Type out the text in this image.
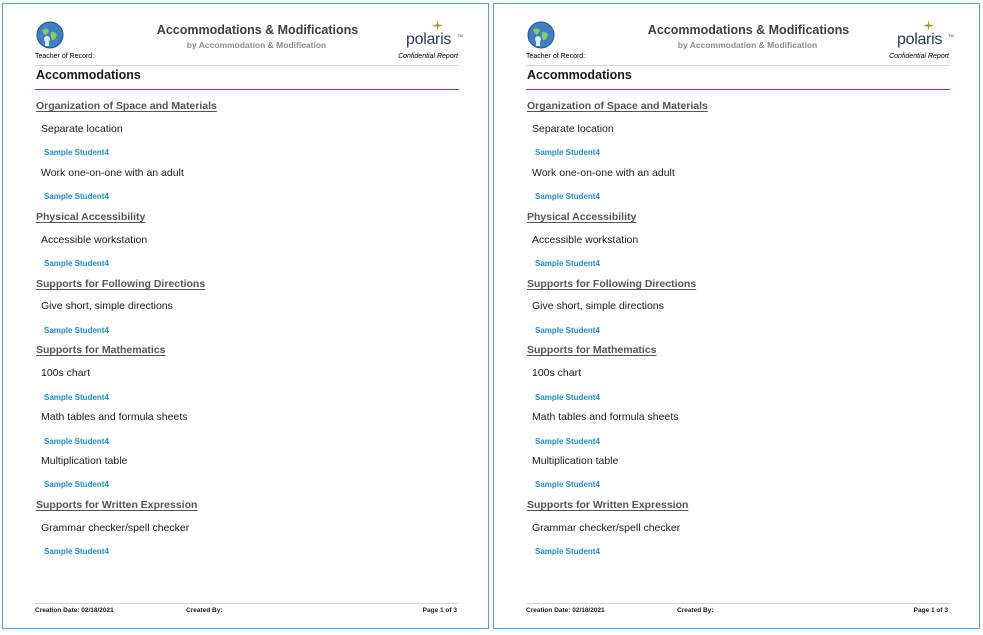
Teacher of Record:
Accommodations & Modifications
by Accommodation & Modification	polaris TM
Confidential Report
Accommodations
Organization of Space and Materials
Separate location
Sample Student4
Work one-on-one with an adult
Sample Student4
Physical Accessibility
Accessible workstation
Sample Student4
Supports for Following Directions
Give short, simple directions
Sample Student4
Supports for Mathematics
100s chart
Sample Student4
Math tables and formula sheets
Sample Student4
Multiplication table
Sample Student4
Supports for Written Expression
Grammar checker/spell checker
Sample Student4
Creation Date: 02/18/2021	Created By:	Page 1 of 3
Teacher of Record:
Accommodations & Modifications
by Accommodation & Modification	polaris TM
Confidential Report
Accommodations
Organization of Space and Materials
Separate location
Sample Student4
Work one-on-one with an adult
Sample Student4
Physical Accessibility
Accessible workstation
Sample Student4
Supports for Following Directions
Give short, simple directions
Sample Student4
Supports for Mathematics
100s chart
Sample Student4
Math tables and formula sheets
Sample Student4
Multiplication table
Sample Student4
Supports for Written Expression
Grammar checker/spell checker
Sample Student4
Creation Date: 02/18/2021	Created By:	Page 1 of 3
